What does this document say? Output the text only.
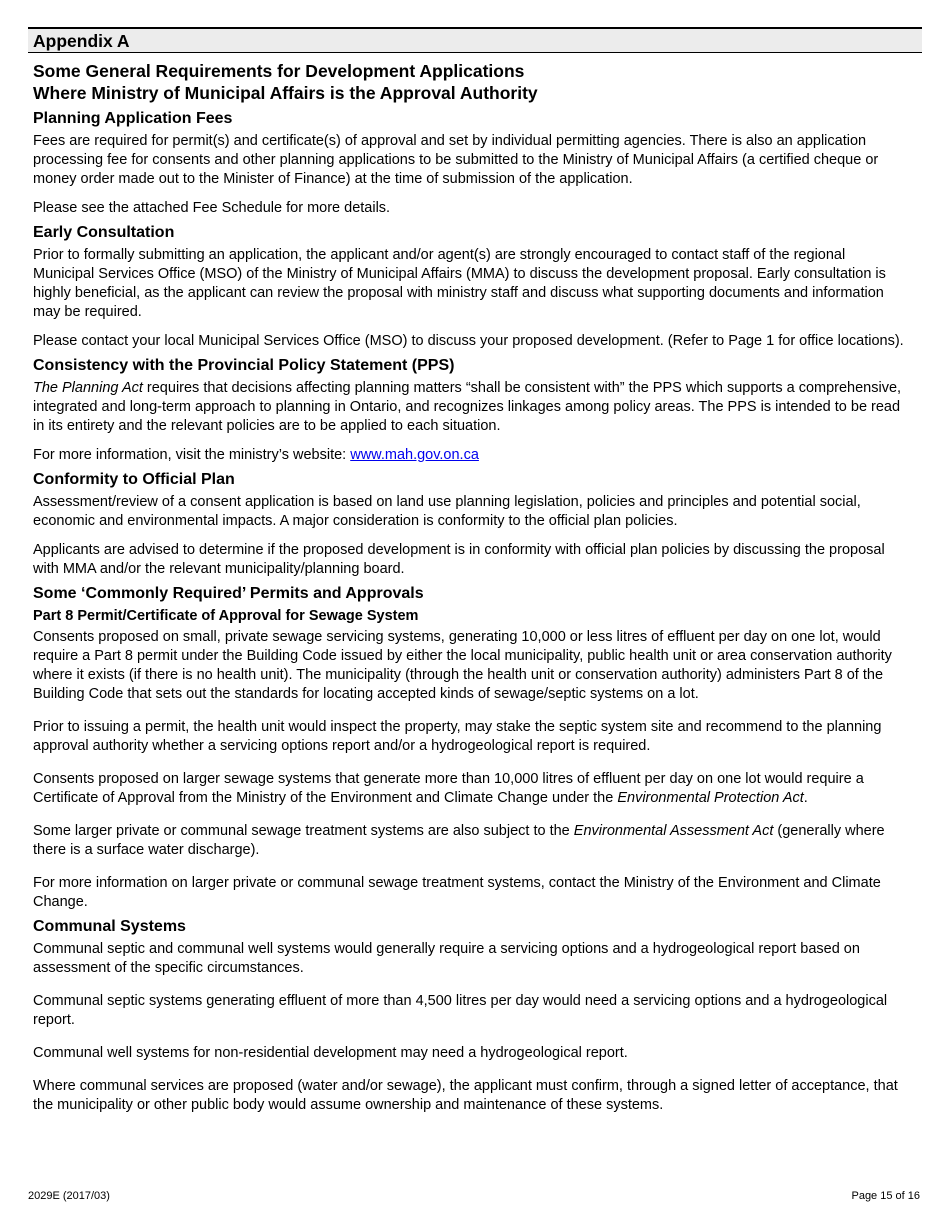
Appendix A
Some General Requirements for Development Applications
Where Ministry of Municipal Affairs is the Approval Authority
Planning Application Fees

Fees are required for permit(s) and certificate(s) of approval and set by individual permitting agencies. There is also an application processing fee for consents and other planning applications to be submitted to the Ministry of Municipal Affairs (a certified cheque or money order made out to the Minister of Finance) at the time of submission of the application.

Please see the attached Fee Schedule for more details.

Early Consultation

Prior to formally submitting an application, the applicant and/or agent(s) are strongly encouraged to contact staff of the regional Municipal Services Office (MSO) of the Ministry of Municipal Affairs (MMA) to discuss the development proposal. Early consultation is highly beneficial, as the applicant can review the proposal with ministry staff and discuss what supporting documents and information may be required.

Please contact your local Municipal Services Office (MSO) to discuss your proposed development. (Refer to Page 1 for office locations).

Consistency with the Provincial Policy Statement (PPS)

The Planning Act requires that decisions affecting planning matters “shall be consistent with” the PPS which supports a comprehensive, integrated and long-term approach to planning in Ontario, and recognizes linkages among policy areas. The PPS is intended to be read in its entirety and the relevant policies are to be applied to each situation.

For more information, visit the ministry’s website: www.mah.gov.on.ca

Conformity to Official Plan

Assessment/review of a consent application is based on land use planning legislation, policies and principles and potential social, economic and environmental impacts. A major consideration is conformity to the official plan policies.

Applicants are advised to determine if the proposed development is in conformity with official plan policies by discussing the proposal with MMA and/or the relevant municipality/planning board.

Some ‘Commonly Required’ Permits and Approvals
Part 8 Permit/Certificate of Approval for Sewage System

Consents proposed on small, private sewage servicing systems, generating 10,000 or less litres of effluent per day on one lot, would require a Part 8 permit under the Building Code issued by either the local municipality, public health unit or area conservation authority where it exists (if there is no health unit). The municipality (through the health unit or conservation authority) administers Part 8 of the Building Code that sets out the standards for locating accepted kinds of sewage/septic systems on a lot.

Prior to issuing a permit, the health unit would inspect the property, may stake the septic system site and recommend to the planning approval authority whether a servicing options report and/or a hydrogeological report is required.

Consents proposed on larger sewage systems that generate more than 10,000 litres of effluent per day on one lot would require a Certificate of Approval from the Ministry of the Environment and Climate Change under the Environmental Protection Act.

Some larger private or communal sewage treatment systems are also subject to the Environmental Assessment Act (generally where there is a surface water discharge).

For more information on larger private or communal sewage treatment systems, contact the Ministry of the Environment and Climate Change.

Communal Systems

Communal septic and communal well systems would generally require a servicing options and a hydrogeological report based on assessment of the specific circumstances.

Communal septic systems generating effluent of more than 4,500 litres per day would need a servicing options and a hydrogeological report.

Communal well systems for non-residential development may need a hydrogeological report.

Where communal services are proposed (water and/or sewage), the applicant must confirm, through a signed letter of acceptance, that the municipality or other public body would assume ownership and maintenance of these systems.

2029E (2017/03)	Page 15 of 16
